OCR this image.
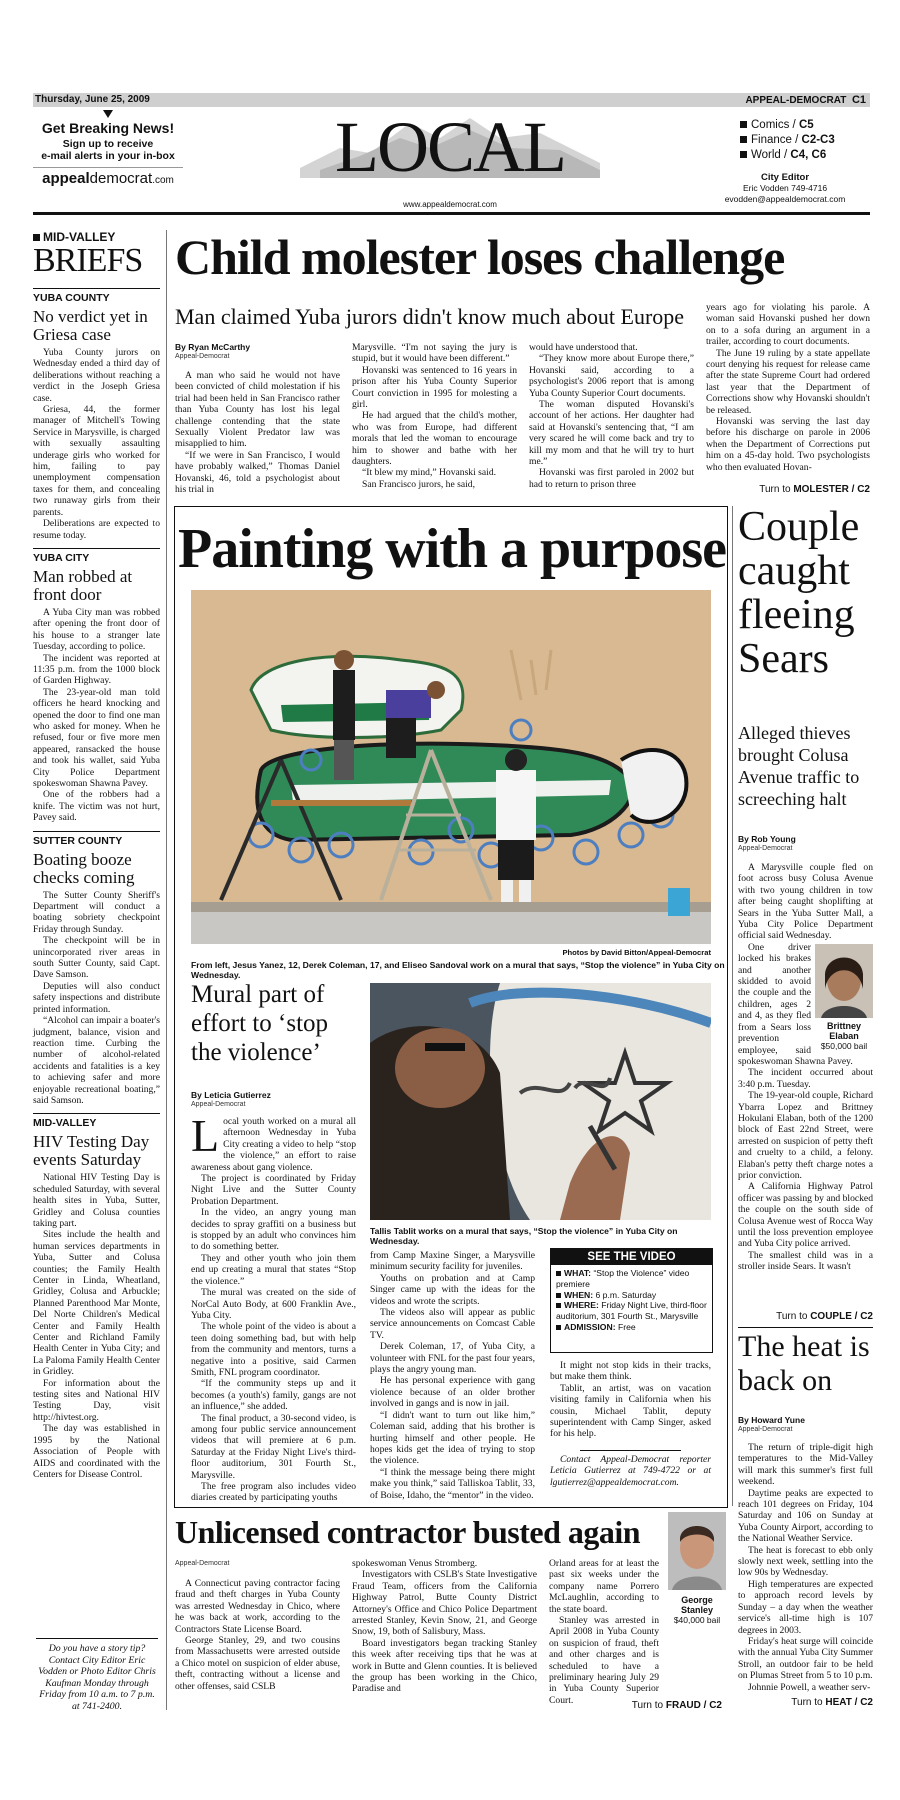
Thursday, June 25, 2009	APPEAL-DEMOCRAT C1
Get Breaking News!
Sign up to receive
e-mail alerts in your in-box
appealdemocrat.com	LOCAL
www.appealdemocrat.com
Comics / C5
Finance / C2-C3
World / C4, C6
City Editor
Eric Vodden 749-4716
evodden@appealdemocrat.com
MID-VALLEY
BRIEFS
YUBA COUNTY
No verdict yet in Griesa case

Yuba County jurors on Wednesday ended a third day of deliberations without reaching a verdict in the Joseph Griesa case.

Griesa, 44, the former manager of Mitchell's Towing Service in Marysville, is charged with sexually assaulting underage girls who worked for him, failing to pay unemployment compensation taxes for them, and concealing two runaway girls from their parents.

Deliberations are expected to resume today.

YUBA CITY
Man robbed at front door

A Yuba City man was robbed after opening the front door of his house to a stranger late Tuesday, according to police.

The incident was reported at 11:35 p.m. from the 1000 block of Garden Highway.

The 23-year-old man told officers he heard knocking and opened the door to find one man who asked for money. When he refused, four or five more men appeared, ransacked the house and took his wallet, said Yuba City Police Department spokeswoman Shawna Pavey.

One of the robbers had a knife. The victim was not hurt, Pavey said.

SUTTER COUNTY
Boating booze checks coming

The Sutter County Sheriff's Department will conduct a boating sobriety checkpoint Friday through Sunday.

The checkpoint will be in unincorporated river areas in south Sutter County, said Capt. Dave Samson.

Deputies will also conduct safety inspections and distribute printed information.

“Alcohol can impair a boater's judgment, balance, vision and reaction time. Curbing the number of alcohol-related accidents and fatalities is a key to achieving safer and more enjoyable recreational boating,” said Samson.

MID-VALLEY
HIV Testing Day events Saturday

National HIV Testing Day is scheduled Saturday, with several health sites in Yuba, Sutter, Gridley and Colusa counties taking part.

Sites include the health and human services departments in Yuba, Sutter and Colusa counties; the Family Health Center in Linda, Wheatland, Gridley, Colusa and Arbuckle; Planned Parenthood Mar Monte, Del Norte Children's Medical Center and Family Health Center and Richland Family Health Center in Yuba City; and La Paloma Family Health Center in Gridley.

For information about the testing sites and National HIV Testing Day, visit http://hivtest.org.

The day was established in 1995 by the National Association of People with AIDS and coordinated with the Centers for Disease Control.

Do you have a story tip? Contact City Editor Eric Vodden or Photo Editor Chris Kaufman Monday through Friday from 10 a.m. to 7 p.m. at 741-2400.
Child molester loses challenge
Man claimed Yuba jurors didn't know much about Europe
By Ryan McCarthy
Appeal-Democrat

A man who said he would not have been convicted of child molestation if his trial had been held in San Francisco rather than Yuba County has lost his legal challenge contending that the state Sexually Violent Predator law was misapplied to him.

“If we were in San Francisco, I would have probably walked,” Thomas Daniel Hovanski, 46, told a psychologist about his trial in

Marysville. “I'm not saying the jury is stupid, but it would have been different.”

Hovanski was sentenced to 16 years in prison after his Yuba County Superior Court conviction in 1995 for molesting a girl.

He had argued that the child's mother, who was from Europe, had different morals that led the woman to encourage him to shower and bathe with her daughters.

“It blew my mind,” Hovanski said.

San Francisco jurors, he said,

would have understood that.

“They know more about Europe there,” Hovanski said, according to a psychologist's 2006 report that is among Yuba County Superior Court documents.

The woman disputed Hovanski's account of her actions. Her daughter had said at Hovanski's sentencing that, “I am very scared he will come back and try to kill my mom and that he will try to hurt me.”

Hovanski was first paroled in 2002 but had to return to prison three

years ago for violating his parole. A woman said Hovanski pushed her down on to a sofa during an argument in a trailer, according to court documents.

The June 19 ruling by a state appellate court denying his request for release came after the state Supreme Court had ordered last year that the Department of Corrections show why Hovanski shouldn't be released.

Hovanski was serving the last day before his discharge on parole in 2006 when the Department of Corrections put him on a 45-day hold. Two psychologists who then evaluated Hovan-

Turn to MOLESTER / C2
Painting with a purpose
Photos by David Bitton/Appeal-Democrat
From left, Jesus Yanez, 12, Derek Coleman, 17, and Eliseo Sandoval work on a mural that says, “Stop the violence” in Yuba City on Wednesday.
Mural part of effort to ‘stop the violence’
By Leticia Gutierrez
Appeal-Democrat

Local youth worked on a mural all afternoon Wednesday in Yuba City creating a video to help “stop the violence,” an effort to raise awareness about gang violence.

The project is coordinated by Friday Night Live and the Sutter County Probation Department.

In the video, an angry young man decides to spray graffiti on a business but is stopped by an adult who convinces him to do something better.

They and other youth who join them end up creating a mural that states “Stop the violence.”

The mural was created on the side of NorCal Auto Body, at 600 Franklin Ave., Yuba City.

The whole point of the video is about a teen doing something bad, but with help from the community and mentors, turns a negative into a positive, said Carmen Smith, FNL program coordinator.

“If the community steps up and it becomes (a youth's) family, gangs are not an influence,” she added.

The final product, a 30-second video, is among four public service announcement videos that will premiere at 6 p.m. Saturday at the Friday Night Live's third-floor auditorium, 301 Fourth St., Marysville.

The free program also includes video diaries created by participating youths

Tallis Tablit works on a mural that says, “Stop the violence” in Yuba City on Wednesday.

from Camp Maxine Singer, a Marysville minimum security facility for juveniles.

Youths on probation and at Camp Singer came up with the ideas for the videos and wrote the scripts.

The videos also will appear as public service announcements on Comcast Cable TV.

Derek Coleman, 17, of Yuba City, a volunteer with FNL for the past four years, plays the angry young man.

He has personal experience with gang violence because of an older brother involved in gangs and is now in jail.

“I didn't want to turn out like him,” Coleman said, adding that his brother is hurting himself and other people. He hopes kids get the idea of trying to stop the violence.

“I think the message being there might make you think,” said Talliskoa Tablit, 33, of Boise, Idaho, the “mentor” in the video.

SEE THE VIDEO
WHAT: “Stop the Violence” video premiere
WHEN: 6 p.m. Saturday
WHERE: Friday Night Live, third-floor auditorium, 301 Fourth St., Marysville
ADMISSION: Free

It might not stop kids in their tracks, but make them think.

Tablit, an artist, was on vacation visiting family in California when his cousin, Michael Tablit, deputy superintendent with Camp Singer, asked for his help.

Contact Appeal-Democrat reporter Leticia Gutierrez at 749-4722 or at lgutierrez@appealdemocrat.com.

Couple caught fleeing Sears
Alleged thieves brought Colusa Avenue traffic to screeching halt
By Rob Young
Appeal-Democrat

A Marysville couple fled on foot across busy Colusa Avenue with two young children in tow after being caught shoplifting at Sears in the Yuba Sutter Mall, a Yuba City Police Department official said Wednesday.

Brittney Elaban
$50,000 bail

One driver locked his brakes and another skidded to avoid the couple and the children, ages 2 and 4, as they fled from a Sears loss prevention employee, said spokeswoman Shawna Pavey.

The incident occurred about 3:40 p.m. Tuesday.

The 19-year-old couple, Richard Ybarra Lopez and Brittney Hokulani Elaban, both of the 1200 block of East 22nd Street, were arrested on suspicion of petty theft and cruelty to a child, a felony. Elaban's petty theft charge notes a prior conviction.

A California Highway Patrol officer was passing by and blocked the couple on the south side of Colusa Avenue west of Rocca Way until the loss prevention employee and Yuba City police arrived.

The smallest child was in a stroller inside Sears. It wasn't

Turn to COUPLE / C2
The heat is back on
By Howard Yune
Appeal-Democrat

The return of triple-digit high temperatures to the Mid-Valley will mark this summer's first full weekend.

Daytime peaks are expected to reach 101 degrees on Friday, 104 Saturday and 106 on Sunday at Yuba County Airport, according to the National Weather Service.

The heat is forecast to ebb only slowly next week, settling into the low 90s by Wednesday.

High temperatures are expected to approach record levels by Sunday – a day when the weather service's all-time high is 107 degrees in 2003.

Friday's heat surge will coincide with the annual Yuba City Summer Stroll, an outdoor fair to be held on Plumas Street from 5 to 10 p.m.

Johnnie Powell, a weather serv-

Turn to HEAT / C2
Unlicensed contractor busted again
Appeal-Democrat

A Connecticut paving contractor facing fraud and theft charges in Yuba County was arrested Wednesday in Chico, where he was back at work, according to the Contractors State License Board.

George Stanley, 29, and two cousins from Massachusetts were arrested outside a Chico motel on suspicion of elder abuse, theft, contracting without a license and other offenses, said CSLB

spokeswoman Venus Stromberg.

Investigators with CSLB's State Investigative Fraud Team, officers from the California Highway Patrol, Butte County District Attorney's Office and Chico Police Department arrested Stanley, Kevin Snow, 21, and George Snow, 19, both of Salisbury, Mass.

Board investigators began tracking Stanley this week after receiving tips that he was at work in Butte and Glenn counties. It is believed the group has been working in the Chico, Paradise and

Orland areas for at least the past six weeks under the company name Porrero McLaughlin, according to the state board.

Stanley was arrested in April 2008 in Yuba County on suspicion of fraud, theft and other charges and is scheduled to have a preliminary hearing July 29 in Yuba County Superior Court.

George Stanley
$40,000 bail
Turn to FRAUD / C2
